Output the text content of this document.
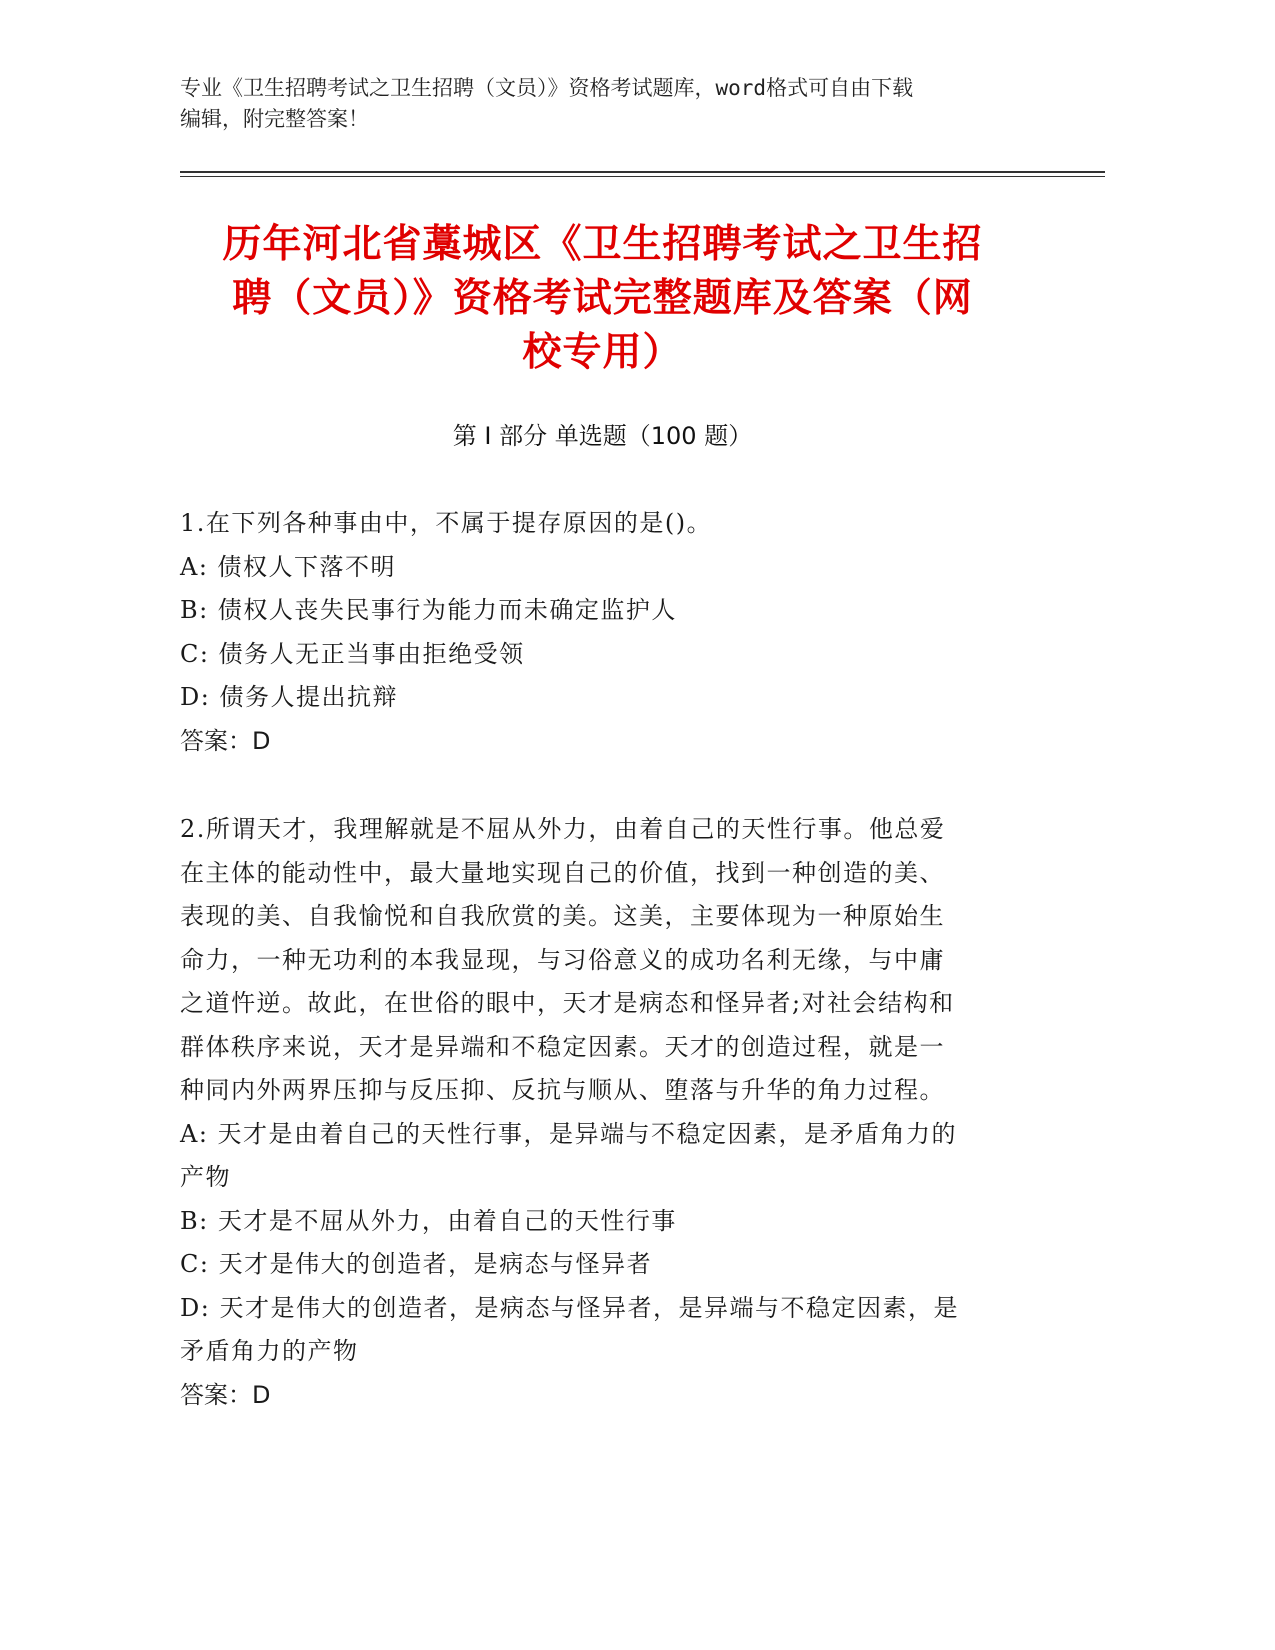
专业《卫生招聘考试之卫生招聘（文员）》资格考试题库，word格式可自由下载
编辑，附完整答案！
历年河北省藁城区《卫生招聘考试之卫生招
聘（文员）》资格考试完整题库及答案（网
校专用）
第 I 部分 单选题（100 题）
1.在下列各种事由中，不属于提存原因的是()。
A: 债权人下落不明
B: 债权人丧失民事行为能力而未确定监护人
C: 债务人无正当事由拒绝受领
D: 债务人提出抗辩
答案：D
2.所谓天才，我理解就是不屈从外力，由着自己的天性行事。他总爱
在主体的能动性中，最大量地实现自己的价值，找到一种创造的美、
表现的美、自我愉悦和自我欣赏的美。这美，主要体现为一种原始生
命力，一种无功利的本我显现，与习俗意义的成功名利无缘，与中庸
之道忤逆。故此，在世俗的眼中，天才是病态和怪异者;对社会结构和
群体秩序来说，天才是异端和不稳定因素。天才的创造过程，就是一
种同内外两界压抑与反压抑、反抗与顺从、堕落与升华的角力过程。
A: 天才是由着自己的天性行事，是异端与不稳定因素，是矛盾角力的
产物
B: 天才是不屈从外力，由着自己的天性行事
C: 天才是伟大的创造者，是病态与怪异者
D: 天才是伟大的创造者，是病态与怪异者，是异端与不稳定因素，是
矛盾角力的产物
答案：D
